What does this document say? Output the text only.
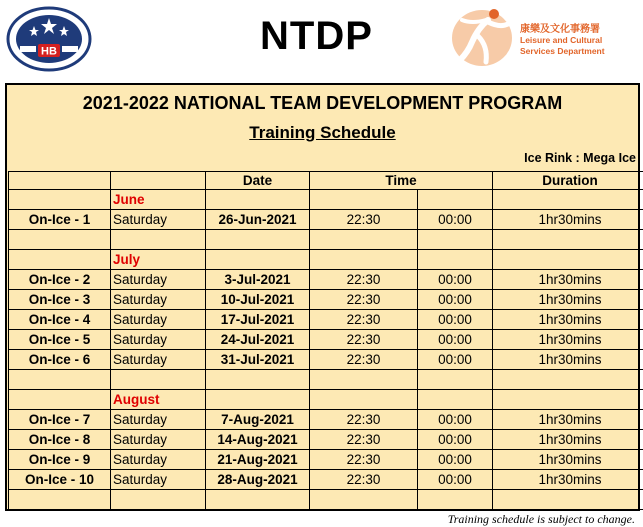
HB	NTDP	康樂及文化事務署
Leisure and Cultural
Services Department
2021-2022 NATIONAL TEAM DEVELOPMENT PROGRAM
Training Schedule
Ice Rink : Mega Ice
		Date	Time		Duration
	June				
On-Ice - 1	Saturday	26-Jun-2021	22:30	00:00	1hr30mins

	July				
On-Ice - 2	Saturday	3-Jul-2021	22:30	00:00	1hr30mins
On-Ice - 3	Saturday	10-Jul-2021	22:30	00:00	1hr30mins
On-Ice - 4	Saturday	17-Jul-2021	22:30	00:00	1hr30mins
On-Ice - 5	Saturday	24-Jul-2021	22:30	00:00	1hr30mins
On-Ice - 6	Saturday	31-Jul-2021	22:30	00:00	1hr30mins

	August				
On-Ice - 7	Saturday	7-Aug-2021	22:30	00:00	1hr30mins
On-Ice - 8	Saturday	14-Aug-2021	22:30	00:00	1hr30mins
On-Ice - 9	Saturday	21-Aug-2021	22:30	00:00	1hr30mins
On-Ice - 10	Saturday	28-Aug-2021	22:30	00:00	1hr30mins

Training schedule is subject to change.
